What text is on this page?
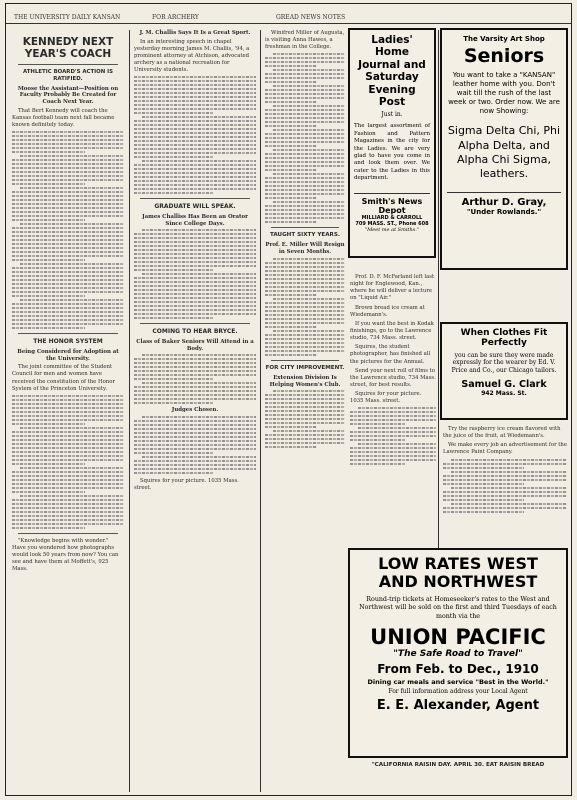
THE UNIVERSITY DAILY KANSAN	FOR ARCHERY	GREAD NEWS NOTES
KENNEDY NEXT YEAR'S COACH
ATHLETIC BOARD'S ACTION IS RATIFIED.
Moose the Assistant—Position on Faculty Probably Be Created for Coach Next Year.
That Bert Kennedy will coach the Kansas football team next fall became known definitely today.
THE HONOR SYSTEM
Being Considered for Adoption at the University.
The joint committee of the Student Council for men and women have received the constitution of the Honor System of the Princeton University.
"Knowledge begins with wonder." Have you wondered how photographs would look 50 years from now? You can see and have them at Moffett's, 925 Mass.
J. M. Challis Says It Is a Great Sport.
In an interesting speech in chapel yesterday morning James M. Challis, '94, a prominent attorney at Atchison, advocated archery as a national recreation for University students.
GRADUATE WILL SPEAK.
James Challiss Has Been an Orator Since College Days.
COMING TO HEAR BRYCE.
Class of Baker Seniors Will Attend in a Body.
Judges Chosen.
Squires for your picture. 1035 Mass. street.
Winifred Miller of Augusta, is visiting Anna Hawes, a freshman in the College.
TAUGHT SIXTY YEARS.
Prof. E. Miller Will Resign in Seven Months.
FOR CITY IMPROVEMENT.
Extension Division Is Helping Women's Club.
Ladies' Home Journal and Saturday Evening Post
Just in.
The largest assortment of Fashion and Pattern Magazines in the city for the Ladies. We are very glad to have you come in and look them over. We cater to the Ladies in this department.
Smith's News Depot
MILLIARD & CARROLL
709 MASS. ST., Phone 608
"Meet me at Smiths."
The Varsity Art Shop
Seniors
You want to take a "KANSAN" leather home with you. Don't wait till the rush of the last week or two. Order now. We are now Showing:
Sigma Delta Chi, Phi Alpha Delta, and Alpha Chi Sigma, leathers.
Arthur D. Gray,
"Under Rowlands."
Prof. D. F. McFarland left last night for Englewood, Kan., where he will deliver a lecture on "Liquid Air."
Brown bread ice cream at Wiedemann's.
If you want the best in Kodak finishings, go to the Lawrence studio, 734 Mass. street.
Squires, the student photographer, has finished all the pictures for the Annual.
Send your next roll of films to the Lawrence studio, 734 Mass. street, for best results.
Squires for your picture. 1035 Mass. street.
When Clothes Fit Perfectly
you can be sure they were made expressly for the wearer by Ed. V. Price and Co., our Chicago tailors.
Samuel G. Clark
942 Mass. St.
Try the raspberry ice cream flavored with the juice of the fruit, at Wiedemann's.
We make every job an advertisement for the Lawrence Paint Company.
LOW RATES WEST
AND NORTHWEST
Round-trip tickets at Homeseeker's rates to the West and Northwest will be sold on the first and third Tuesdays of each month via the
UNION PACIFIC
"The Safe Road to Travel"
From Feb. to Dec., 1910
Dining car meals and service "Best in the World."
For full information address your Local Agent
E. E. Alexander, Agent
"CALIFORNIA RAISIN DAY. APRIL 30. EAT RAISIN BREAD
